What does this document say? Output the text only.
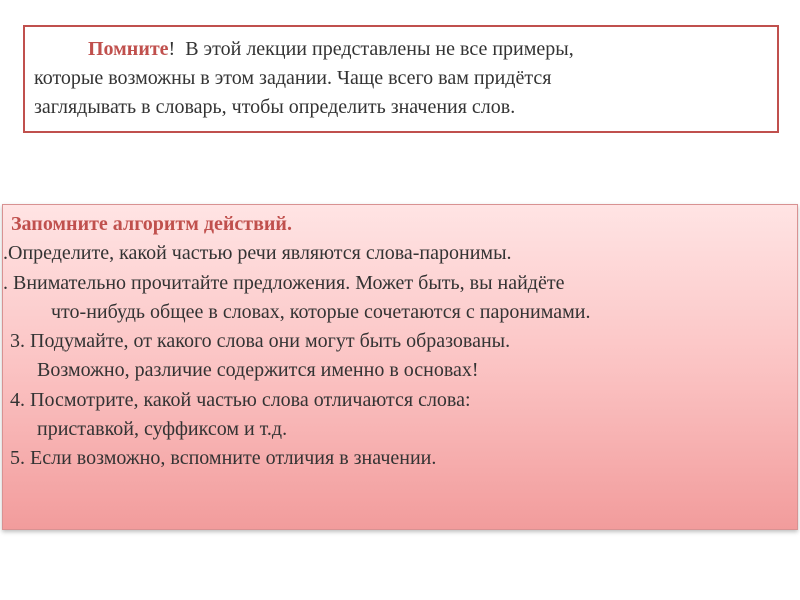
Помните!  В этой лекции представлены не все примеры,

которые возможны в этом задании. Чаще всего вам придётся
заглядывать в словарь, чтобы определить значения слов.
Запомните алгоритм действий.
.Определите, какой частью речи являются слова-паронимы.
. Внимательно прочитайте предложения. Может быть, вы найдёте
что-нибудь общее в словах, которые сочетаются с паронимами.
3. Подумайте, от какого слова они могут быть образованы.
Возможно, различие содержится именно в основах!
4. Посмотрите, какой частью слова отличаются слова:
приставкой, суффиксом и т.д.
5. Если возможно, вспомните отличия в значении.
